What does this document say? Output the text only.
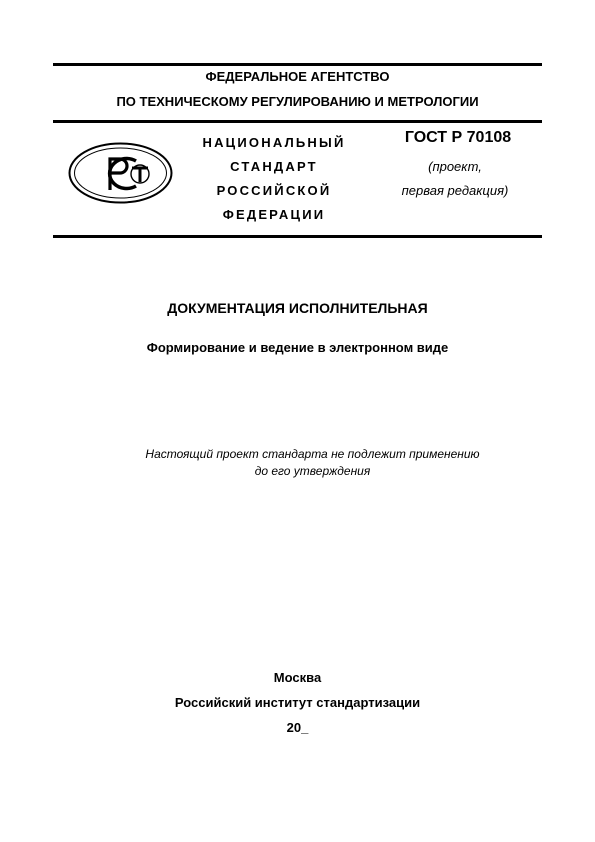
ФЕДЕРАЛЬНОЕ АГЕНТСТВО
ПО ТЕХНИЧЕСКОМУ РЕГУЛИРОВАНИЮ И МЕТРОЛОГИИ
НАЦИОНАЛЬНЫЙ
СТАНДАРТ
РОССИЙСКОЙ
ФЕДЕРАЦИИ
ГОСТ Р 70108
(проект,
первая редакция)
ДОКУМЕНТАЦИЯ ИСПОЛНИТЕЛЬНАЯ
Формирование и ведение в электронном виде
Настоящий проект стандарта не подлежит применению
до его утверждения
Москва
Российский институт стандартизации
20_
